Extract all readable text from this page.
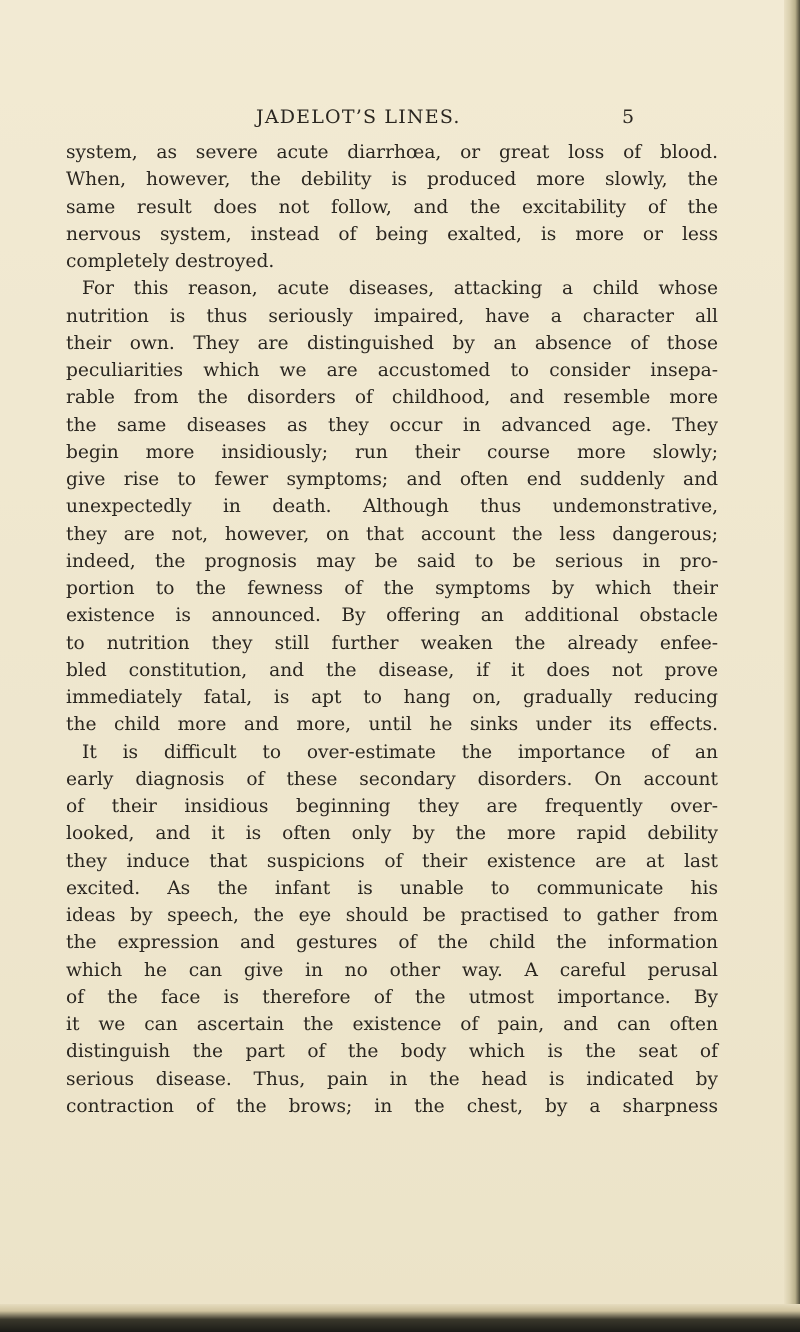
JADELOT’S LINES.	5
system, as severe acute diarrhœa, or great loss of blood.
When, however, the debility is produced more slowly, the
same result does not follow, and the excitability of the
nervous system, instead of being exalted, is more or less
completely destroyed.
For this reason, acute diseases, attacking a child whose
nutrition is thus seriously impaired, have a character all
their own. They are distinguished by an absence of those
peculiarities which we are accustomed to consider insepa-
rable from the disorders of childhood, and resemble more
the same diseases as they occur in advanced age. They
begin more insidiously; run their course more slowly;
give rise to fewer symptoms; and often end suddenly and
unexpectedly in death. Although thus undemonstrative,
they are not, however, on that account the less dangerous;
indeed, the prognosis may be said to be serious in pro-
portion to the fewness of the symptoms by which their
existence is announced. By offering an additional obstacle
to nutrition they still further weaken the already enfee-
bled constitution, and the disease, if it does not prove
immediately fatal, is apt to hang on, gradually reducing
the child more and more, until he sinks under its effects.
It is difficult to over-estimate the importance of an
early diagnosis of these secondary disorders. On account
of their insidious beginning they are frequently over-
looked, and it is often only by the more rapid debility
they induce that suspicions of their existence are at last
excited. As the infant is unable to communicate his
ideas by speech, the eye should be practised to gather from
the expression and gestures of the child the information
which he can give in no other way. A careful perusal
of the face is therefore of the utmost importance. By
it we can ascertain the existence of pain, and can often
distinguish the part of the body which is the seat of
serious disease. Thus, pain in the head is indicated by
contraction of the brows; in the chest, by a sharpness
